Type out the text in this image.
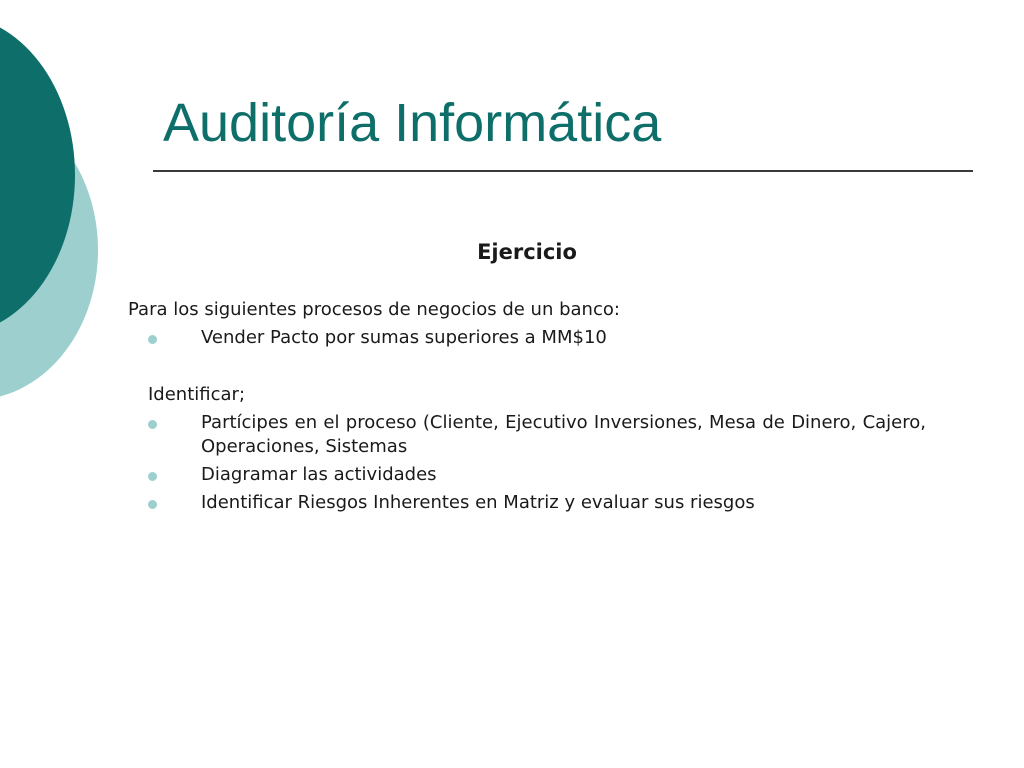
Auditoría Informática
Ejercicio

Para los siguientes procesos de negocios de un banco:

Vender Pacto por sumas superiores a MM$10

Identificar;

Partícipes en el proceso (Cliente, Ejecutivo Inversiones, Mesa de Dinero, Cajero, Operaciones, Sistemas
Diagramar las actividades
Identificar Riesgos Inherentes en Matriz y evaluar sus riesgos
